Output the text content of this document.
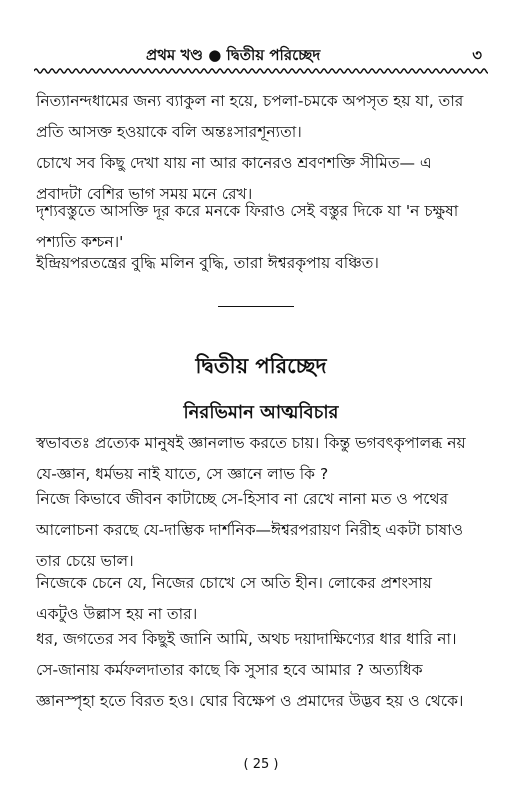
প্রথম খণ্ড ● দ্বিতীয় পরিচ্ছেদ	৩

নিত্যানন্দধামের জন্য ব্যাকুল না হয়ে, চপলা-চমকে অপসৃত হয় যা, তার প্রতি আসক্ত হওয়াকে বলি অন্তঃসারশূন্যতা।

চোখে সব কিছু দেখা যায় না আর কানেরও শ্রবণশক্তি সীমিত— এ প্রবাদটা বেশির ভাগ সময় মনে রেখ।

দৃশ্যবস্তুতে আসক্তি দূর করে মনকে ফিরাও সেই বস্তুর দিকে যা 'ন চক্ষুষা পশ্যতি কশ্চন।'

ইন্দ্রিয়পরতন্ত্রের বুদ্ধি মলিন বুদ্ধি, তারা ঈশ্বরকৃপায় বঞ্চিত।

দ্বিতীয় পরিচ্ছেদ
নিরভিমান আত্মবিচার

স্বভাবতঃ প্রত্যেক মানুষই জ্ঞানলাভ করতে চায়। কিন্তু ভগবৎকৃপালব্ধ নয় যে-জ্ঞান, ধর্মভয় নাই যাতে, সে জ্ঞানে লাভ কি ?

নিজে কিভাবে জীবন কাটাচ্ছে সে-হিসাব না রেখে নানা মত ও পথের আলোচনা করছে যে-দাম্ভিক দার্শনিক—ঈশ্বরপরায়ণ নিরীহ একটা চাষাও তার চেয়ে ভাল।

নিজেকে চেনে যে, নিজের চোখে সে অতি হীন। লোকের প্রশংসায় একটুও উল্লাস হয় না তার।

ধর, জগতের সব কিছুই জানি আমি, অথচ দয়াদাক্ষিণ্যের ধার ধারি না। সে-জানায় কর্মফলদাতার কাছে কি সুসার হবে আমার ? অত্যধিক জ্ঞানস্পৃহা হতে বিরত হও। ঘোর বিক্ষেপ ও প্রমাদের উদ্ভব হয় ও থেকে।

( 25 )
